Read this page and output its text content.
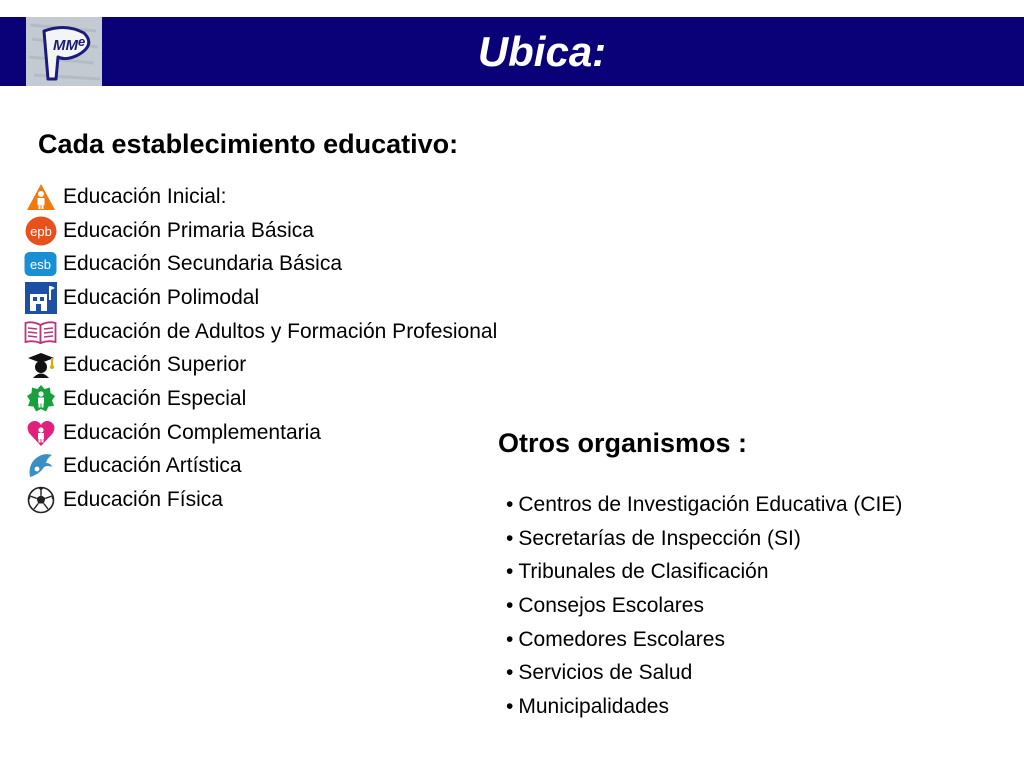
MM e	Ubica:
Cada establecimiento educativo:
Educación Inicial:
epb Educación Primaria Básica
esb Educación Secundaria Básica
Educación Polimodal
Educación de Adultos y Formación Profesional
Educación Superior
Educación Especial
Educación Complementaria
Educación Artística
Educación Física
Otros organismos :
• Centros de Investigación Educativa (CIE)
• Secretarías de Inspección (SI)
• Tribunales de Clasificación
• Consejos Escolares
• Comedores Escolares
• Servicios de Salud
• Municipalidades
